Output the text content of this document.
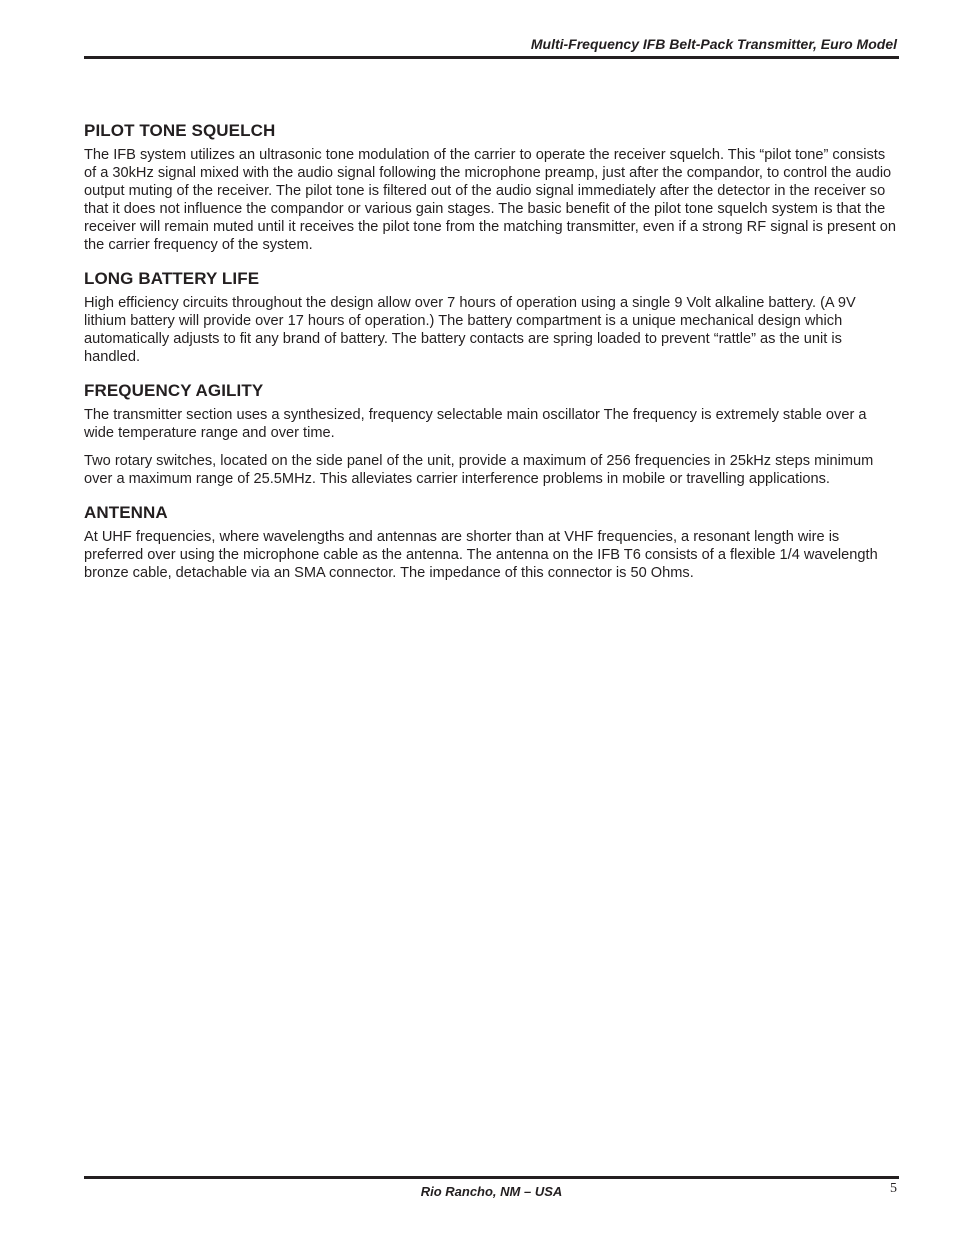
Multi-Frequency IFB Belt-Pack Transmitter, Euro Model
PILOT TONE SQUELCH

The IFB system utilizes an ultrasonic tone modulation of the carrier to operate the receiver squelch. This “pilot tone” consists of a 30kHz signal mixed with the audio signal following the microphone preamp, just after the compandor, to control the audio output muting of the receiver. The pilot tone is filtered out of the audio signal immediately after the detector in the receiver so that it does not influence the compandor or various gain stages. The basic benefit of the pilot tone squelch system is that the receiver will remain muted until it receives the pilot tone from the matching transmitter, even if a strong RF signal is present on the carrier frequency of the system.

LONG BATTERY LIFE

High efficiency circuits throughout the design allow over 7 hours of operation using a single 9 Volt alkaline battery. (A 9V lithium battery will provide over 17 hours of operation.) The battery compartment is a unique mechanical design which automatically adjusts to fit any brand of battery. The battery contacts are spring loaded to prevent “rattle” as the unit is handled.

FREQUENCY AGILITY

The transmitter section uses a synthesized, frequency selectable main oscillator The frequency is extremely stable over a wide temperature range and over time.

Two rotary switches, located on the side panel of the unit, provide a maximum of 256 frequencies in 25kHz steps minimum over a maximum range of 25.5MHz. This alleviates carrier interference problems in mobile or travelling applications.

ANTENNA

At UHF frequencies, where wavelengths and antennas are shorter than at VHF frequencies, a resonant length wire is preferred over using the microphone cable as the antenna. The antenna on the IFB T6 consists of a flexible 1/4 wavelength bronze cable, detachable via an SMA connector. The impedance of this connector is 50 Ohms.

Rio Rancho, NM – USA	5
